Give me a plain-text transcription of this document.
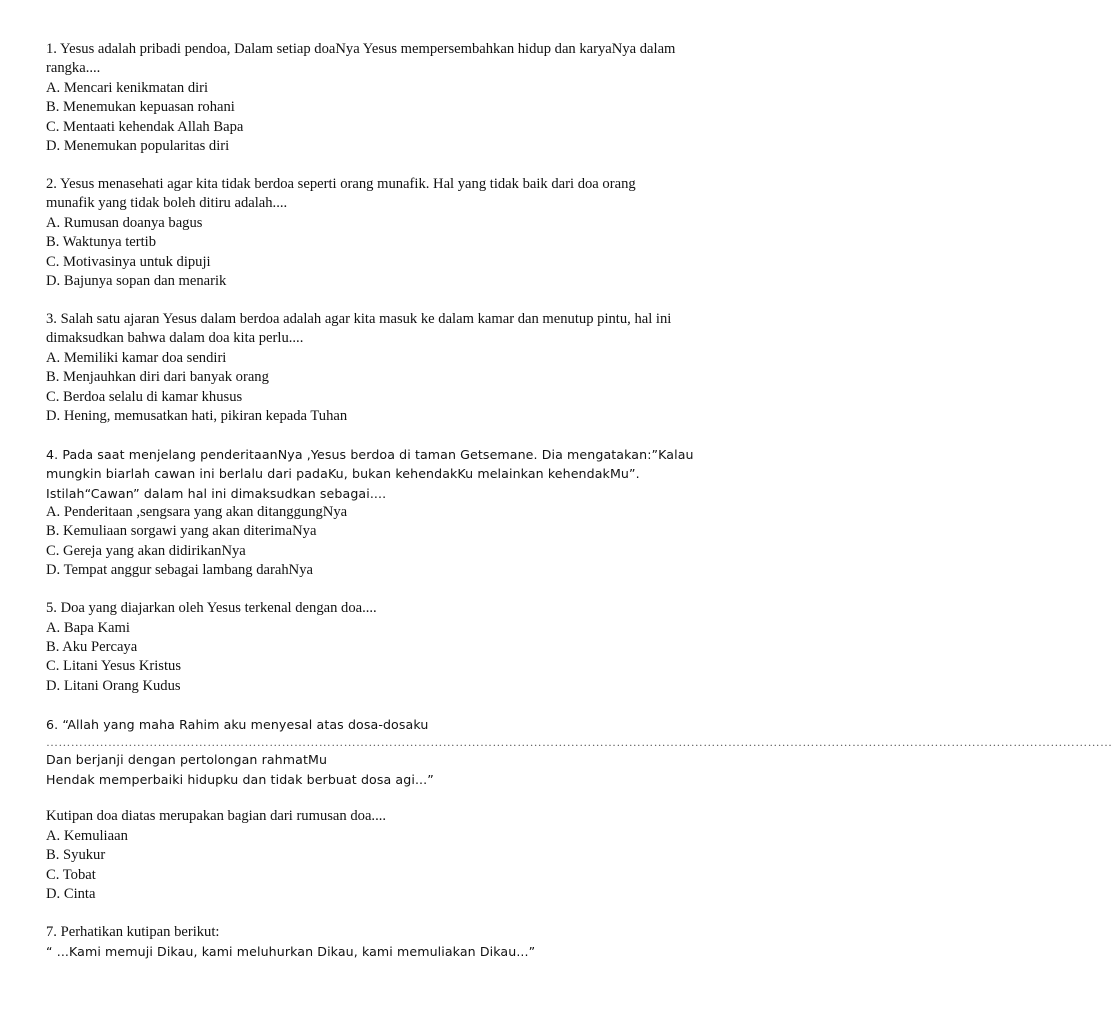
1. Yesus adalah pribadi pendoa, Dalam setiap doaNya Yesus mempersembahkan hidup dan karyaNya dalam
rangka....
A. Mencari kenikmatan diri
B. Menemukan kepuasan rohani
C. Mentaati kehendak Allah Bapa
D. Menemukan popularitas diri
2. Yesus menasehati agar kita tidak berdoa seperti orang munafik. Hal yang tidak baik dari doa orang
munafik yang tidak boleh ditiru adalah....
A. Rumusan doanya bagus
B. Waktunya tertib
C. Motivasinya untuk dipuji
D. Bajunya sopan dan menarik
3. Salah satu ajaran Yesus dalam berdoa adalah agar kita masuk ke dalam kamar dan menutup pintu, hal ini
dimaksudkan bahwa dalam doa kita perlu....
A. Memiliki kamar doa sendiri
B. Menjauhkan diri dari banyak orang
C. Berdoa selalu di kamar khusus
D. Hening, memusatkan hati, pikiran kepada Tuhan
4. Pada saat menjelang penderitaanNya ,Yesus berdoa di taman Getsemane. Dia mengatakan:”Kalau
mungkin biarlah cawan ini berlalu dari padaKu, bukan kehendakKu melainkan kehendakMu”.
Istilah“Cawan” dalam hal ini dimaksudkan sebagai....
A. Penderitaan ,sengsara yang akan ditanggungNya
B. Kemuliaan sorgawi yang akan diterimaNya
C. Gereja yang akan didirikanNya
D. Tempat anggur sebagai lambang darahNya
5. Doa yang diajarkan oleh Yesus terkenal dengan doa....
A. Bapa Kami
B. Aku Percaya
C. Litani Yesus Kristus
D. Litani Orang Kudus
6. “Allah yang maha Rahim aku menyesal atas dosa-dosaku
……………………………………………………………………………………………………………………………………………………………………………………………………………………………………
Dan berjanji dengan pertolongan rahmatMu
Hendak memperbaiki hidupku dan tidak berbuat dosa agi...”
Kutipan doa diatas merupakan bagian dari rumusan doa....
A. Kemuliaan
B. Syukur
C. Tobat
D. Cinta
7. Perhatikan kutipan berikut:
“ ...Kami memuji Dikau, kami meluhurkan Dikau, kami memuliakan Dikau...”
